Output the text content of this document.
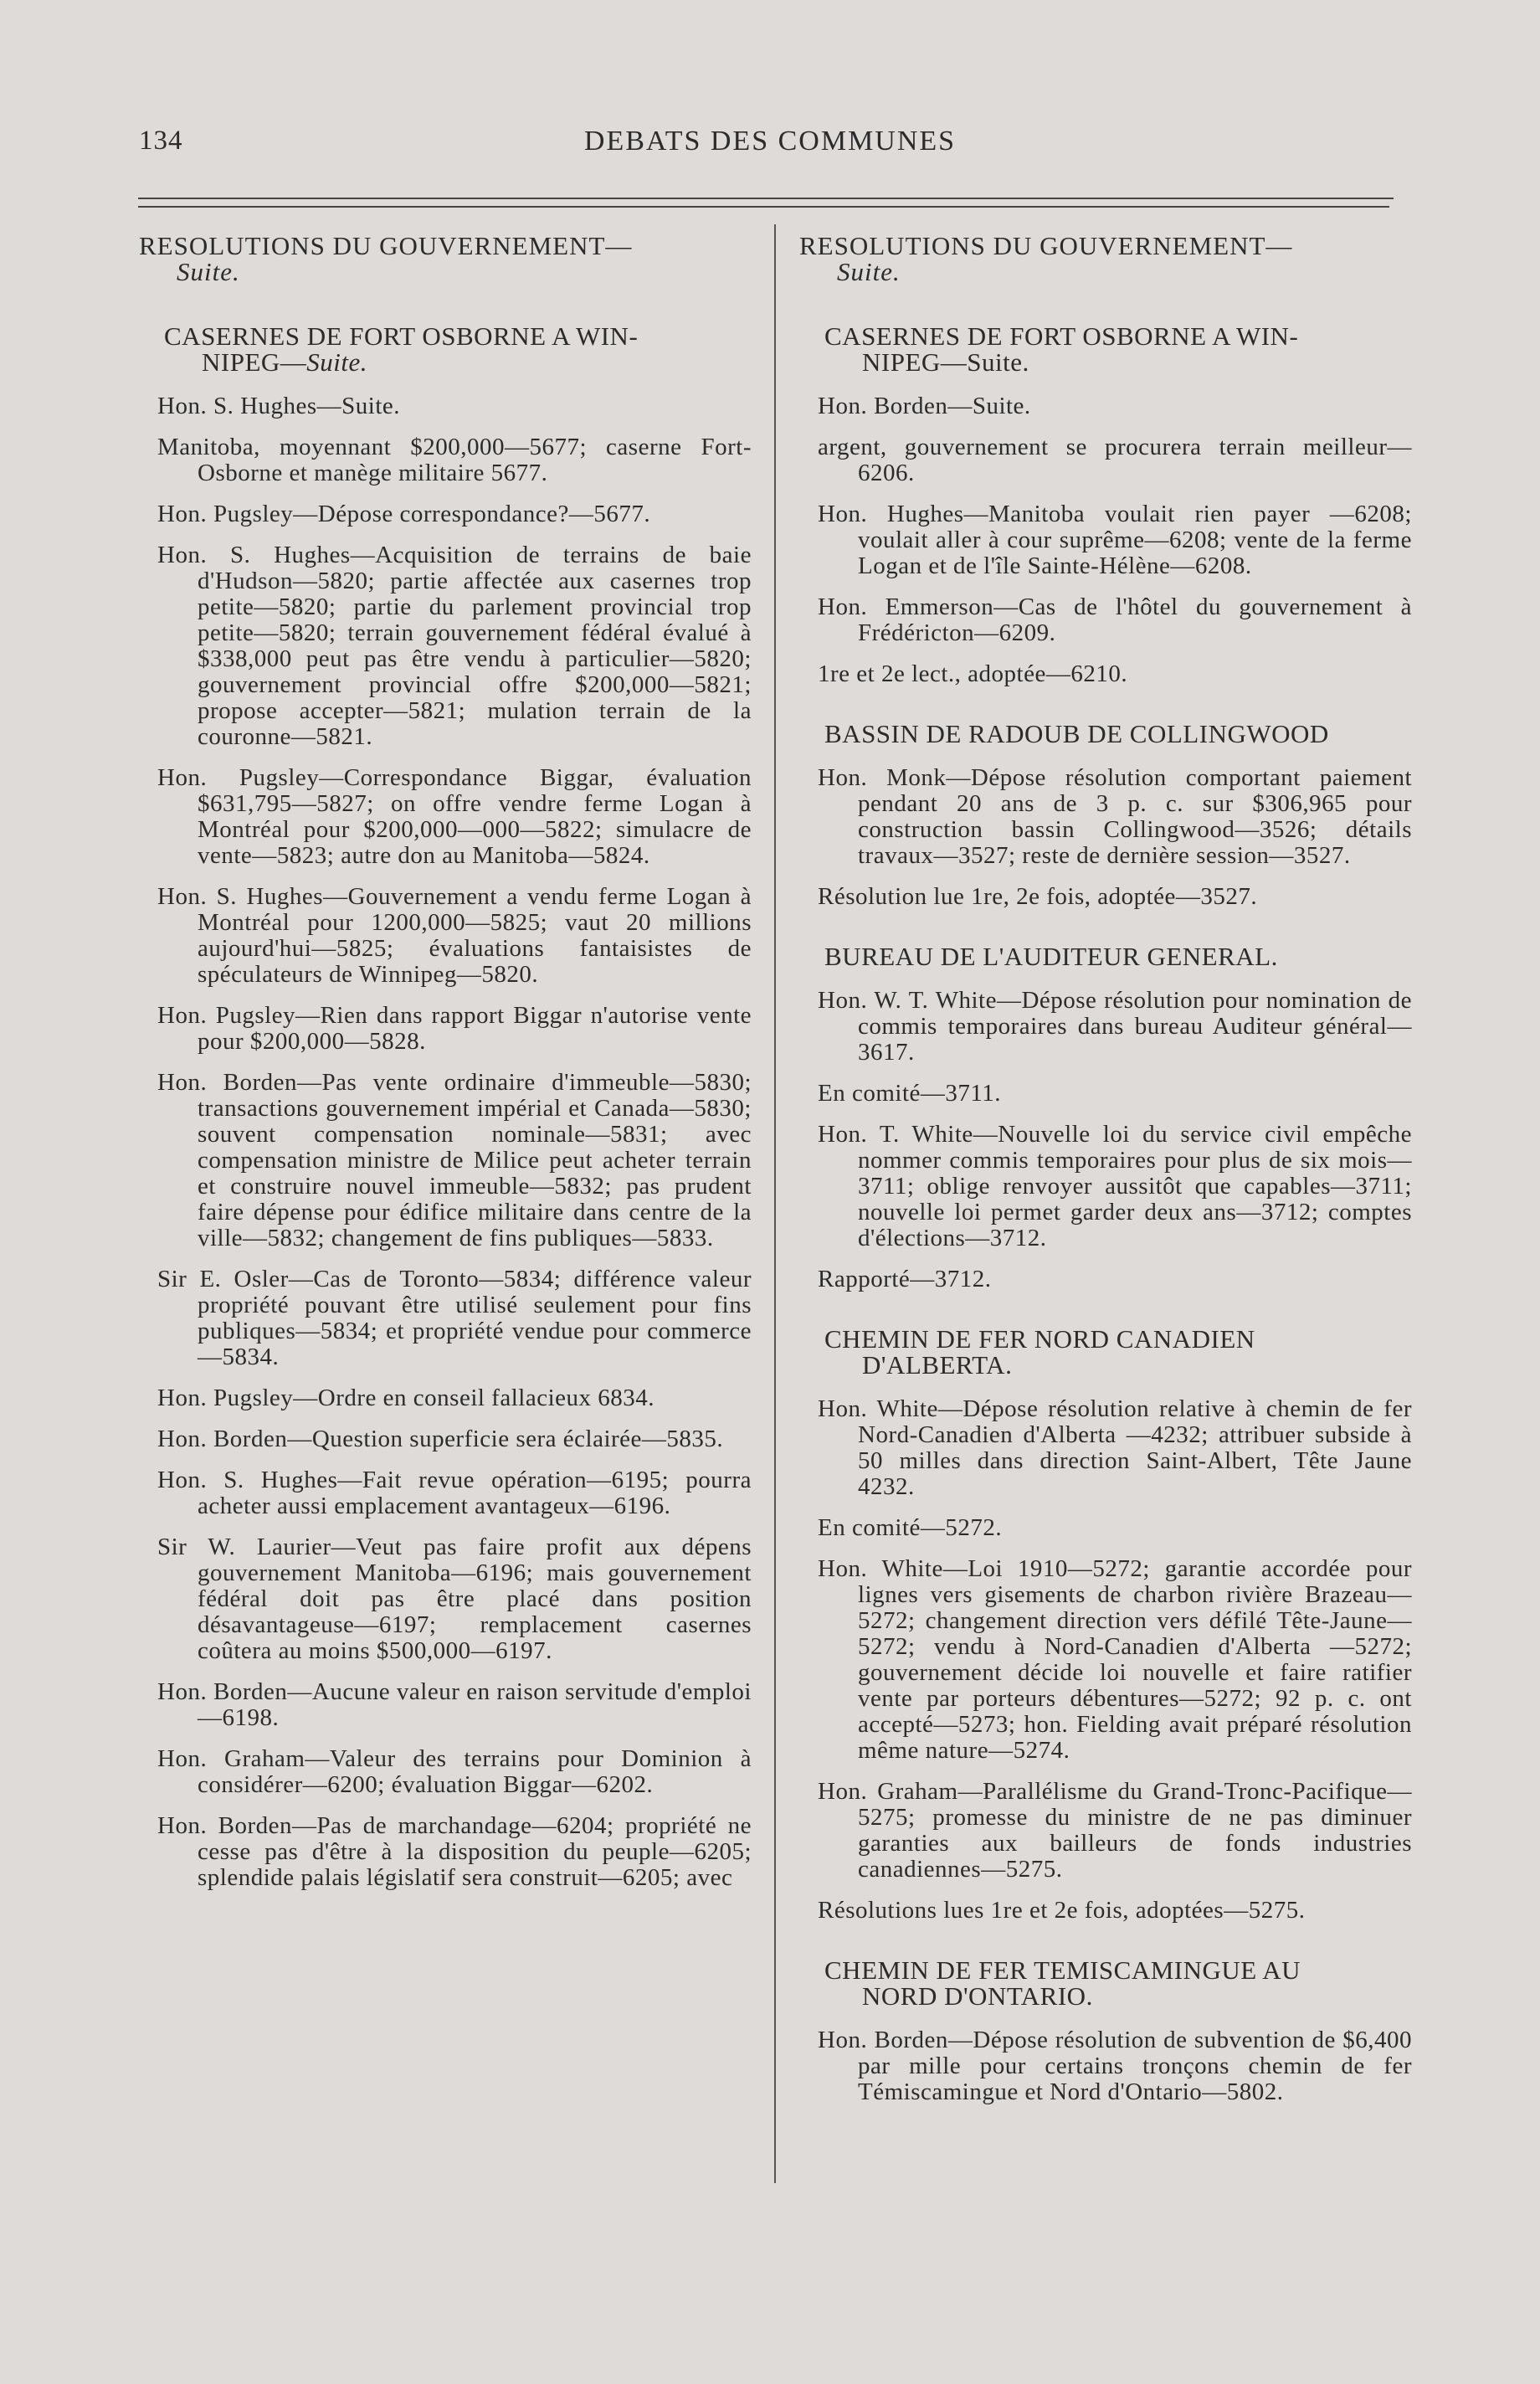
134	DEBATS DES COMMUNES
RESOLUTIONS DU GOUVERNEMENT—
Suite.
CASERNES DE FORT OSBORNE A WIN-
NIPEG—Suite.
Hon. S. Hughes—Suite.
Manitoba, moyennant $200,000—5677; caserne Fort-Osborne et manège militaire 5677.
Hon. Pugsley—Dépose correspondance?—5677.
Hon. S. Hughes—Acquisition de terrains de baie d'Hudson—5820; partie affectée aux casernes trop petite—5820; partie du parlement provincial trop petite—5820; terrain gouvernement fédéral évalué à $338,000 peut pas être vendu à particulier—5820; gouvernement provincial offre $200,000—5821; propose accepter—5821; mulation terrain de la couronne—5821.
Hon. Pugsley—Correspondance Biggar, évaluation $631,795—5827; on offre vendre ferme Logan à Montréal pour $200,000—000—5822; simulacre de vente—5823; autre don au Manitoba—5824.
Hon. S. Hughes—Gouvernement a vendu ferme Logan à Montréal pour 1200,000—5825; vaut 20 millions aujourd'hui—5825; évaluations fantaisistes de spéculateurs de Winnipeg—5820.
Hon. Pugsley—Rien dans rapport Biggar n'autorise vente pour $200,000—5828.
Hon. Borden—Pas vente ordinaire d'immeuble—5830; transactions gouvernement impérial et Canada—5830; souvent compensation nominale—5831; avec compensation ministre de Milice peut acheter terrain et construire nouvel immeuble—5832; pas prudent faire dépense pour édifice militaire dans centre de la ville—5832; changement de fins publiques—5833.
Sir E. Osler—Cas de Toronto—5834; différence valeur propriété pouvant être utilisé seulement pour fins publiques—5834; et propriété vendue pour commerce—5834.
Hon. Pugsley—Ordre en conseil fallacieux 6834.
Hon. Borden—Question superficie sera éclairée—5835.
Hon. S. Hughes—Fait revue opération—6195; pourra acheter aussi emplacement avantageux—6196.
Sir W. Laurier—Veut pas faire profit aux dépens gouvernement Manitoba—6196; mais gouvernement fédéral doit pas être placé dans position désavantageuse—6197; remplacement casernes coûtera au moins $500,000—6197.
Hon. Borden—Aucune valeur en raison servitude d'emploi—6198.
Hon. Graham—Valeur des terrains pour Dominion à considérer—6200; évaluation Biggar—6202.
Hon. Borden—Pas de marchandage—6204; propriété ne cesse pas d'être à la disposition du peuple—6205; splendide palais législatif sera construit—6205; avec
RESOLUTIONS DU GOUVERNEMENT—
Suite.
CASERNES DE FORT OSBORNE A WIN-
NIPEG—Suite.
Hon. Borden—Suite.
argent, gouvernement se procurera terrain meilleur—6206.
Hon. Hughes—Manitoba voulait rien payer —6208; voulait aller à cour suprême—6208; vente de la ferme Logan et de l'île Sainte-Hélène—6208.
Hon. Emmerson—Cas de l'hôtel du gouvernement à Frédéricton—6209.
1re et 2e lect., adoptée—6210.
BASSIN DE RADOUB DE COLLINGWOOD
Hon. Monk—Dépose résolution comportant paiement pendant 20 ans de 3 p. c. sur $306,965 pour construction bassin Collingwood—3526; détails travaux—3527; reste de dernière session—3527.
Résolution lue 1re, 2e fois, adoptée—3527.
BUREAU DE L'AUDITEUR GENERAL.
Hon. W. T. White—Dépose résolution pour nomination de commis temporaires dans bureau Auditeur général—3617.
En comité—3711.
Hon. T. White—Nouvelle loi du service civil empêche nommer commis temporaires pour plus de six mois—3711; oblige renvoyer aussitôt que capables—3711; nouvelle loi permet garder deux ans—3712; comptes d'élections—3712.
Rapporté—3712.
CHEMIN DE FER NORD CANADIEN
D'ALBERTA.
Hon. White—Dépose résolution relative à chemin de fer Nord-Canadien d'Alberta —4232; attribuer subside à 50 milles dans direction Saint-Albert, Tête Jaune 4232.
En comité—5272.
Hon. White—Loi 1910—5272; garantie accordée pour lignes vers gisements de charbon rivière Brazeau—5272; changement direction vers défilé Tête-Jaune—5272; vendu à Nord-Canadien d'Alberta —5272; gouvernement décide loi nouvelle et faire ratifier vente par porteurs débentures—5272; 92 p. c. ont accepté—5273; hon. Fielding avait préparé résolution même nature—5274.
Hon. Graham—Parallélisme du Grand-Tronc-Pacifique—5275; promesse du ministre de ne pas diminuer garanties aux bailleurs de fonds industries canadiennes—5275.
Résolutions lues 1re et 2e fois, adoptées—5275.
CHEMIN DE FER TEMISCAMINGUE AU
NORD D'ONTARIO.
Hon. Borden—Dépose résolution de subvention de $6,400 par mille pour certains tronçons chemin de fer Témiscamingue et Nord d'Ontario—5802.
